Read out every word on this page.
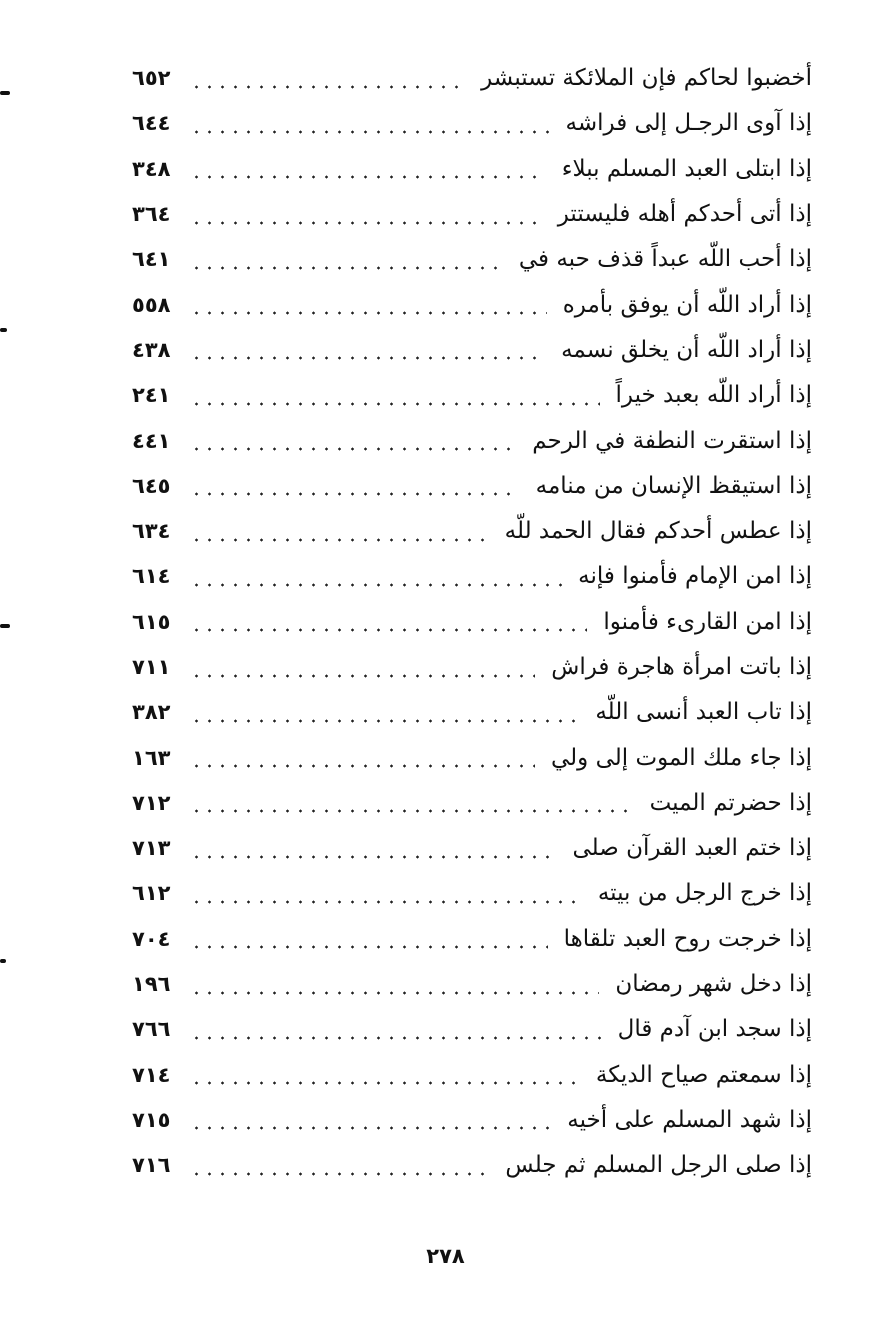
أخضبوا لحاكم فإن الملائكة تستبشر
٦٥٢
إذا آوى الرجـل إلى فراشه
٦٤٤
إذا ابتلى العبد المسلم ببلاء
٣٤٨
إذا أتى أحدكم أهله فليستتر
٣٦٤
إذا أحب اللّه عبداً قذف حبه في
٦٤١
إذا أراد اللّه أن يوفق بأمره
٥٥٨
إذا أراد اللّه أن يخلق نسمه
٤٣٨
إذا أراد اللّه بعبد خيراً
٢٤١
إذا استقرت النطفة في الرحم
٤٤١
إذا استيقظ الإنسان من منامه
٦٤٥
إذا عطس أحدكم فقال الحمد للّه
٦٣٤
إذا امن الإمام فأمنوا فإنه
٦١٤
إذا امن القارىء فأمنوا
٦١٥
إذا باتت امرأة هاجرة فراش
٧١١
إذا تاب العبد أنسى اللّه
٣٨٢
إذا جاء ملك الموت إلى ولي
١٦٣
إذا حضرتم الميت
٧١٢
إذا ختم العبد القرآن صلى
٧١٣
إذا خرج الرجل من بيته
٦١٢
إذا خرجت روح العبد تلقاها
٧٠٤
إذا دخل شهر رمضان
١٩٦
إذا سجد ابن آدم قال
٧٦٦
إذا سمعتم صياح الديكة
٧١٤
إذا شهد المسلم على أخيه
٧١٥
إذا صلى الرجل المسلم ثم جلس
٧١٦
٢٧٨
